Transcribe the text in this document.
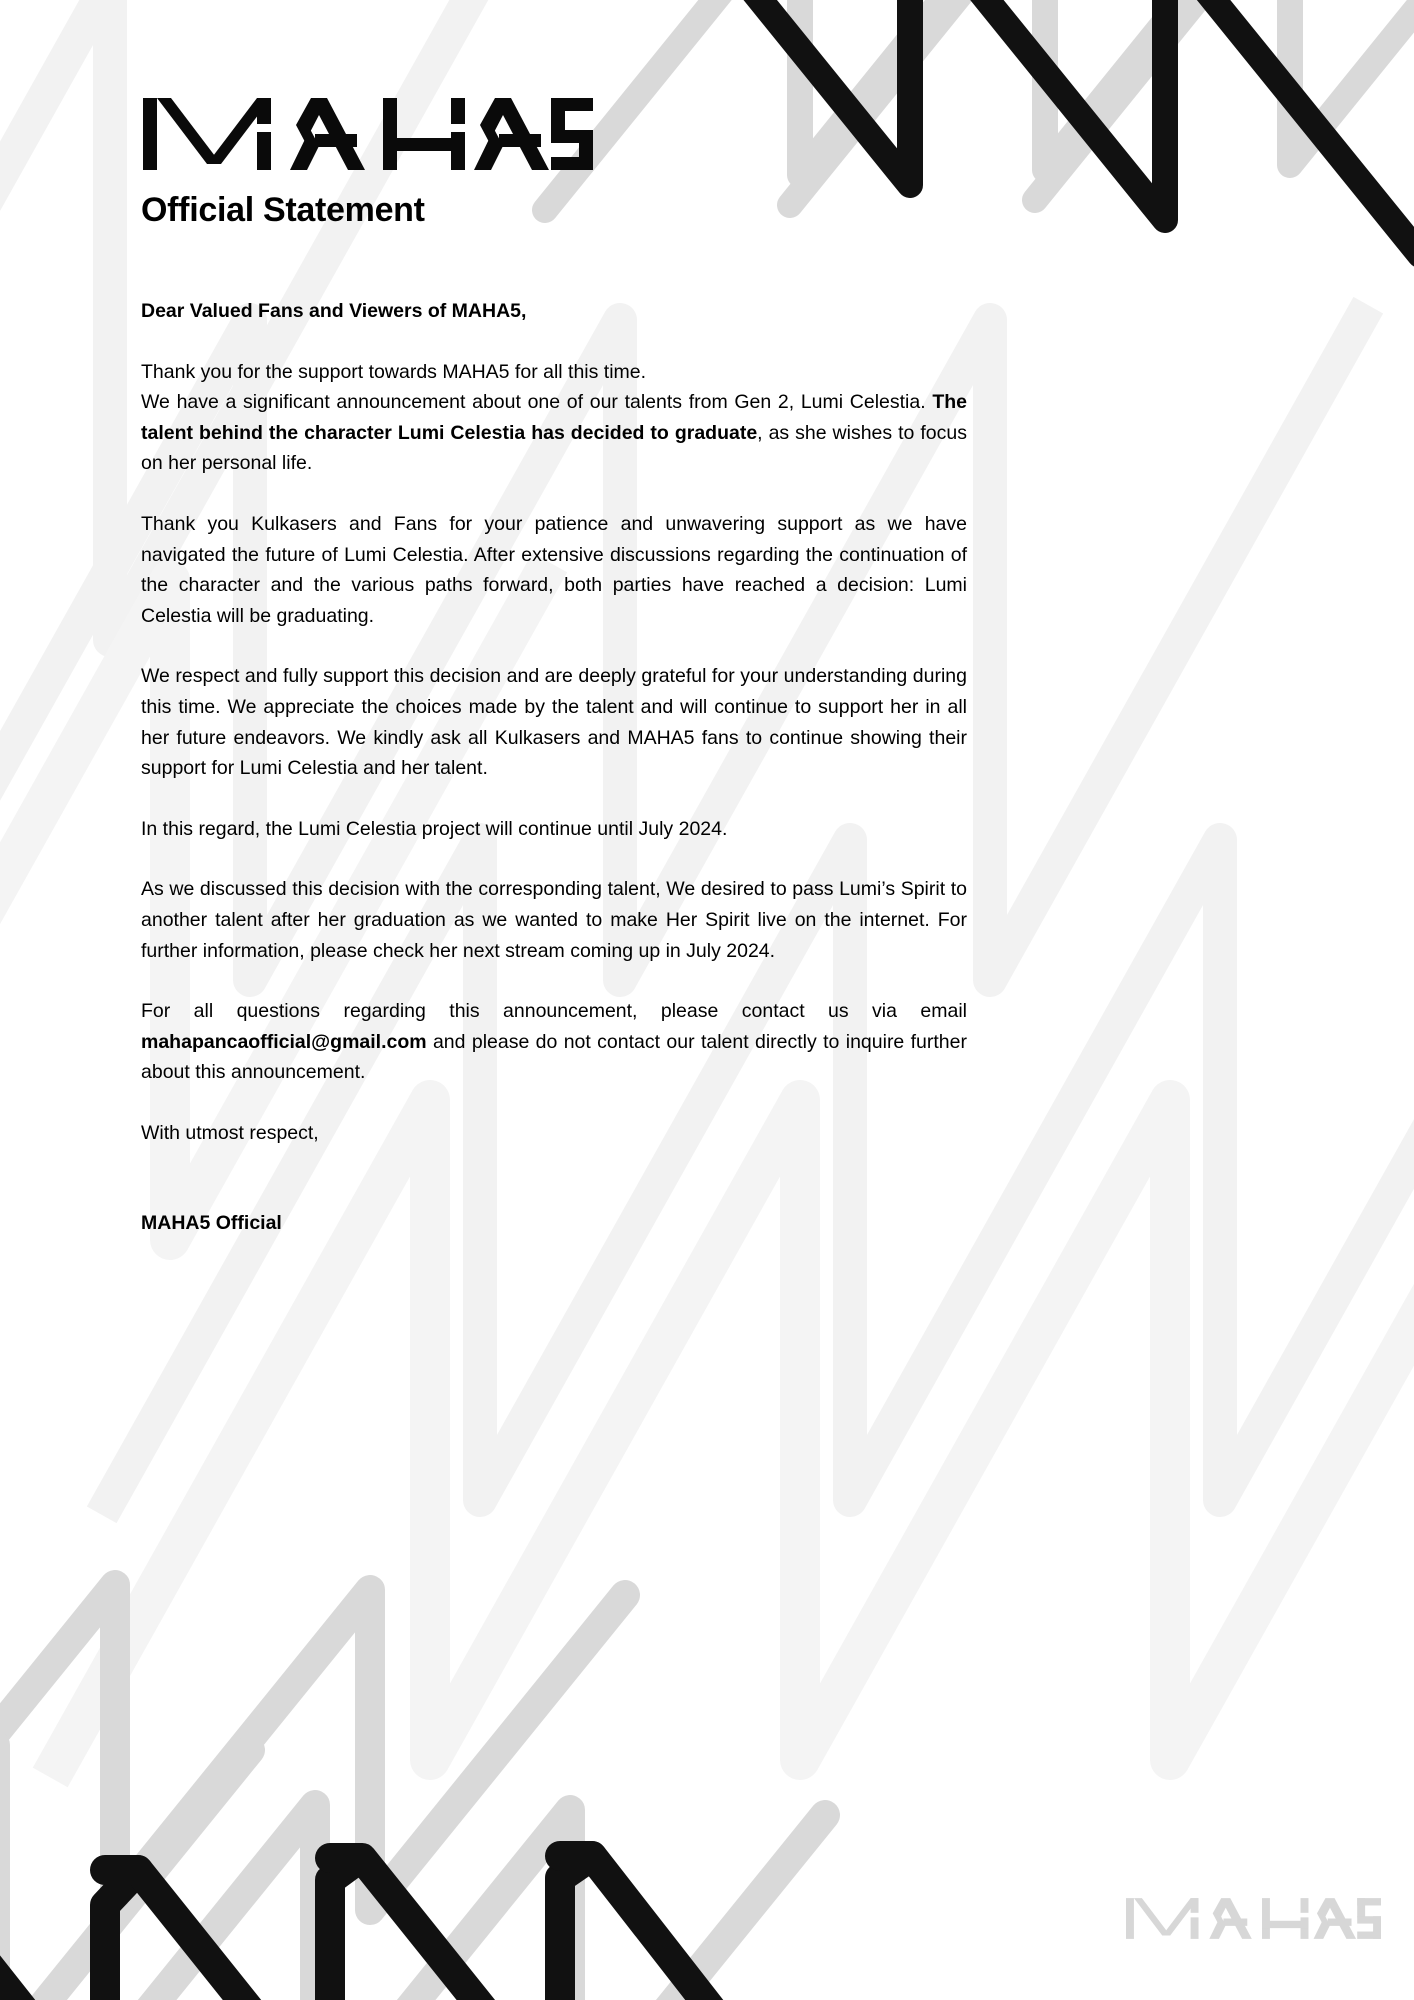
Official Statement

Dear Valued Fans and Viewers of MAHA5,

Thank you for the support towards MAHA5 for all this time.
We have a significant announcement about one of our talents from Gen 2, Lumi Celestia. The talent behind the character Lumi Celestia has decided to graduate, as she wishes to focus on her personal life.

Thank you Kulkasers and Fans for your patience and unwavering support as we have navigated the future of Lumi Celestia. After extensive discussions regarding the continuation of the character and the various paths forward, both parties have reached a decision: Lumi Celestia will be graduating.

We respect and fully support this decision and are deeply grateful for your understanding during this time. We appreciate the choices made by the talent and will continue to support her in all her future endeavors. We kindly ask all Kulkasers and MAHA5 fans to continue showing their support for Lumi Celestia and her talent.

In this regard, the Lumi Celestia project will continue until July 2024.

As we discussed this decision with the corresponding talent, We desired to pass Lumi’s Spirit to another talent after her graduation as we wanted to make Her Spirit live on the internet. For further information, please check her next stream coming up in July 2024.

For all questions regarding this announcement, please contact us via email mahapancaofficial@gmail.com and please do not contact our talent directly to inquire further about this announcement.

With utmost respect,

MAHA5 Official
